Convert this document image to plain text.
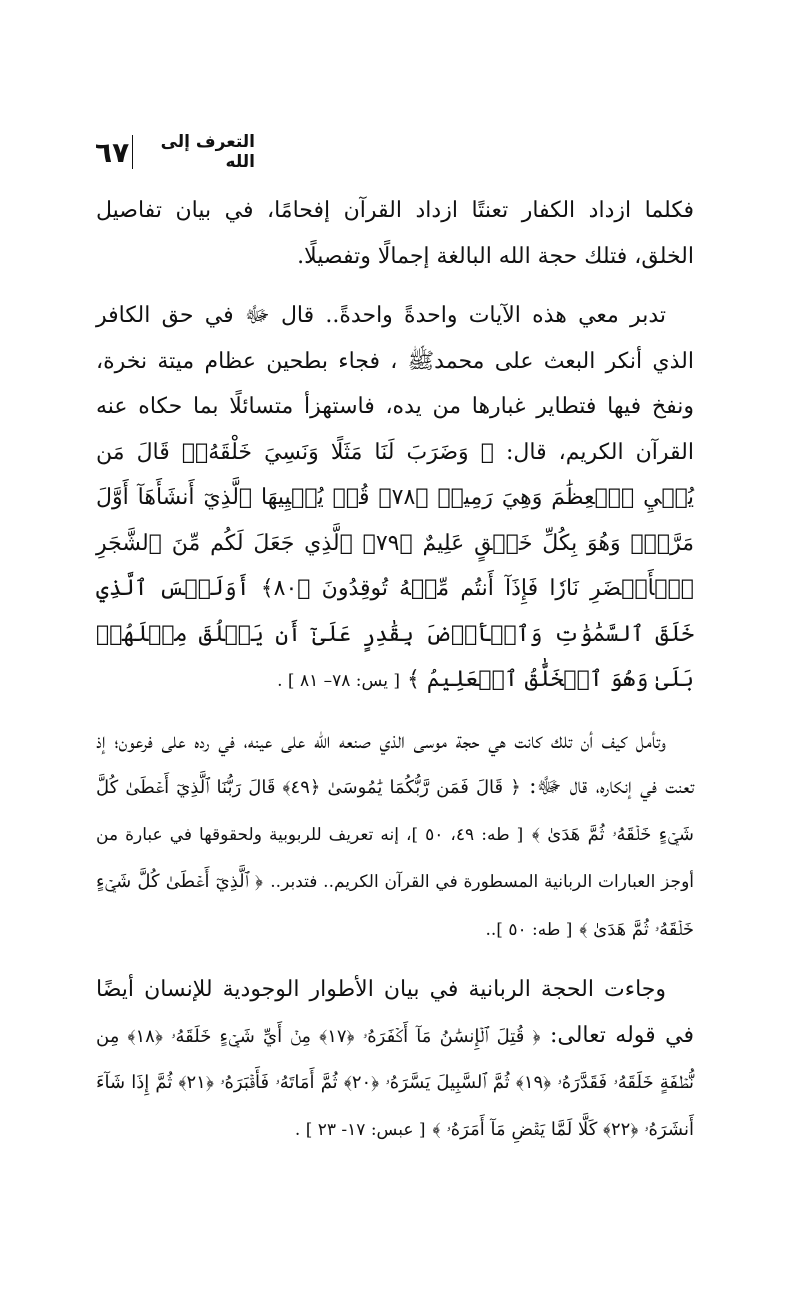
٦٧	التعرف إلى الله

فكلما ازداد الكفار تعنتًا ازداد القرآن إفحامًا، في بيان تفاصيل الخلق، فتلك حجة الله البالغة إجمالًا وتفصيلًا.

تدبر معي هذه الآيات واحدةً واحدةً.. قال ﷻ في حق الكافر الذي أنكر البعث على محمدﷺ ، فجاء بطحين عظام ميتة نخرة، ونفخ فيها فتطاير غبارها من يده، فاستهزأ متسائلًا بما حكاه عنه القرآن الكريم، قال: ﴿ وَضَرَبَ لَنَا مَثَلًا وَنَسِيَ خَلْقَهُۥۖ قَالَ مَن يُحۡيِ ٱلۡعِظَٰمَ وَهِيَ رَمِيمٞ ﴿٧٨﴾ قُلۡ يُحۡيِيهَا ٱلَّذِيٓ أَنشَأَهَآ أَوَّلَ مَرَّةٖۖ وَهُوَ بِكُلِّ خَلۡقٍ عَلِيمٌ ﴿٧٩﴾ ٱلَّذِي جَعَلَ لَكُم مِّنَ ٱلشَّجَرِ ٱلۡأَخۡضَرِ نَارٗا فَإِذَآ أَنتُم مِّنۡهُ تُوقِدُونَ ﴿٨٠﴾ أَوَلَيۡسَ ٱلَّذِي خَلَقَ ٱلسَّمَٰوَٰتِ وَٱلۡأَرۡضَ بِقَٰدِرٍ عَلَىٰٓ أَن يَخۡلُقَ مِثۡلَهُمۚ بَلَىٰ وَهُوَ ٱلۡخَلَّٰقُ ٱلۡعَلِيمُ ﴾ [ يس: ٧٨– ٨١ ] .

وتأمل كيف أن تلك كانت هي حجة موسى الذي صنعه الله على عينه، في رده على فرعون؛ إذ تعنت في إنكاره، قال ﷻ: ﴿ قَالَ فَمَن رَّبُّكُمَا يَٰمُوسَىٰ ﴿٤٩﴾ قَالَ رَبُّنَا ٱلَّذِيٓ أَعۡطَىٰ كُلَّ شَيۡءٍ خَلۡقَهُۥ ثُمَّ هَدَىٰ ﴾ [ طه: ٤٩، ٥٠ ]، إنه تعريف للربوبية ولحقوقها في عبارة من أوجز العبارات الربانية المسطورة في القرآن الكريم.. فتدبر.. ﴿ ٱلَّذِيٓ أَعۡطَىٰ كُلَّ شَيۡءٍ خَلۡقَهُۥ ثُمَّ هَدَىٰ ﴾ [ طه: ٥٠ ]..

وجاءت الحجة الربانية في بيان الأطوار الوجودية للإنسان أيضًا في قوله تعالى: ﴿ قُتِلَ ٱلۡإِنسَٰنُ مَآ أَكۡفَرَهُۥ ﴿١٧﴾ مِنۡ أَيِّ شَيۡءٍ خَلَقَهُۥ ﴿١٨﴾ مِن نُّطۡفَةٍ خَلَقَهُۥ فَقَدَّرَهُۥ ﴿١٩﴾ ثُمَّ ٱلسَّبِيلَ يَسَّرَهُۥ ﴿٢٠﴾ ثُمَّ أَمَاتَهُۥ فَأَقۡبَرَهُۥ ﴿٢١﴾ ثُمَّ إِذَا شَآءَ أَنشَرَهُۥ ﴿٢٢﴾ كَلَّا لَمَّا يَقۡضِ مَآ أَمَرَهُۥ ﴾ [ عبس: ١٧- ٢٣ ] .
